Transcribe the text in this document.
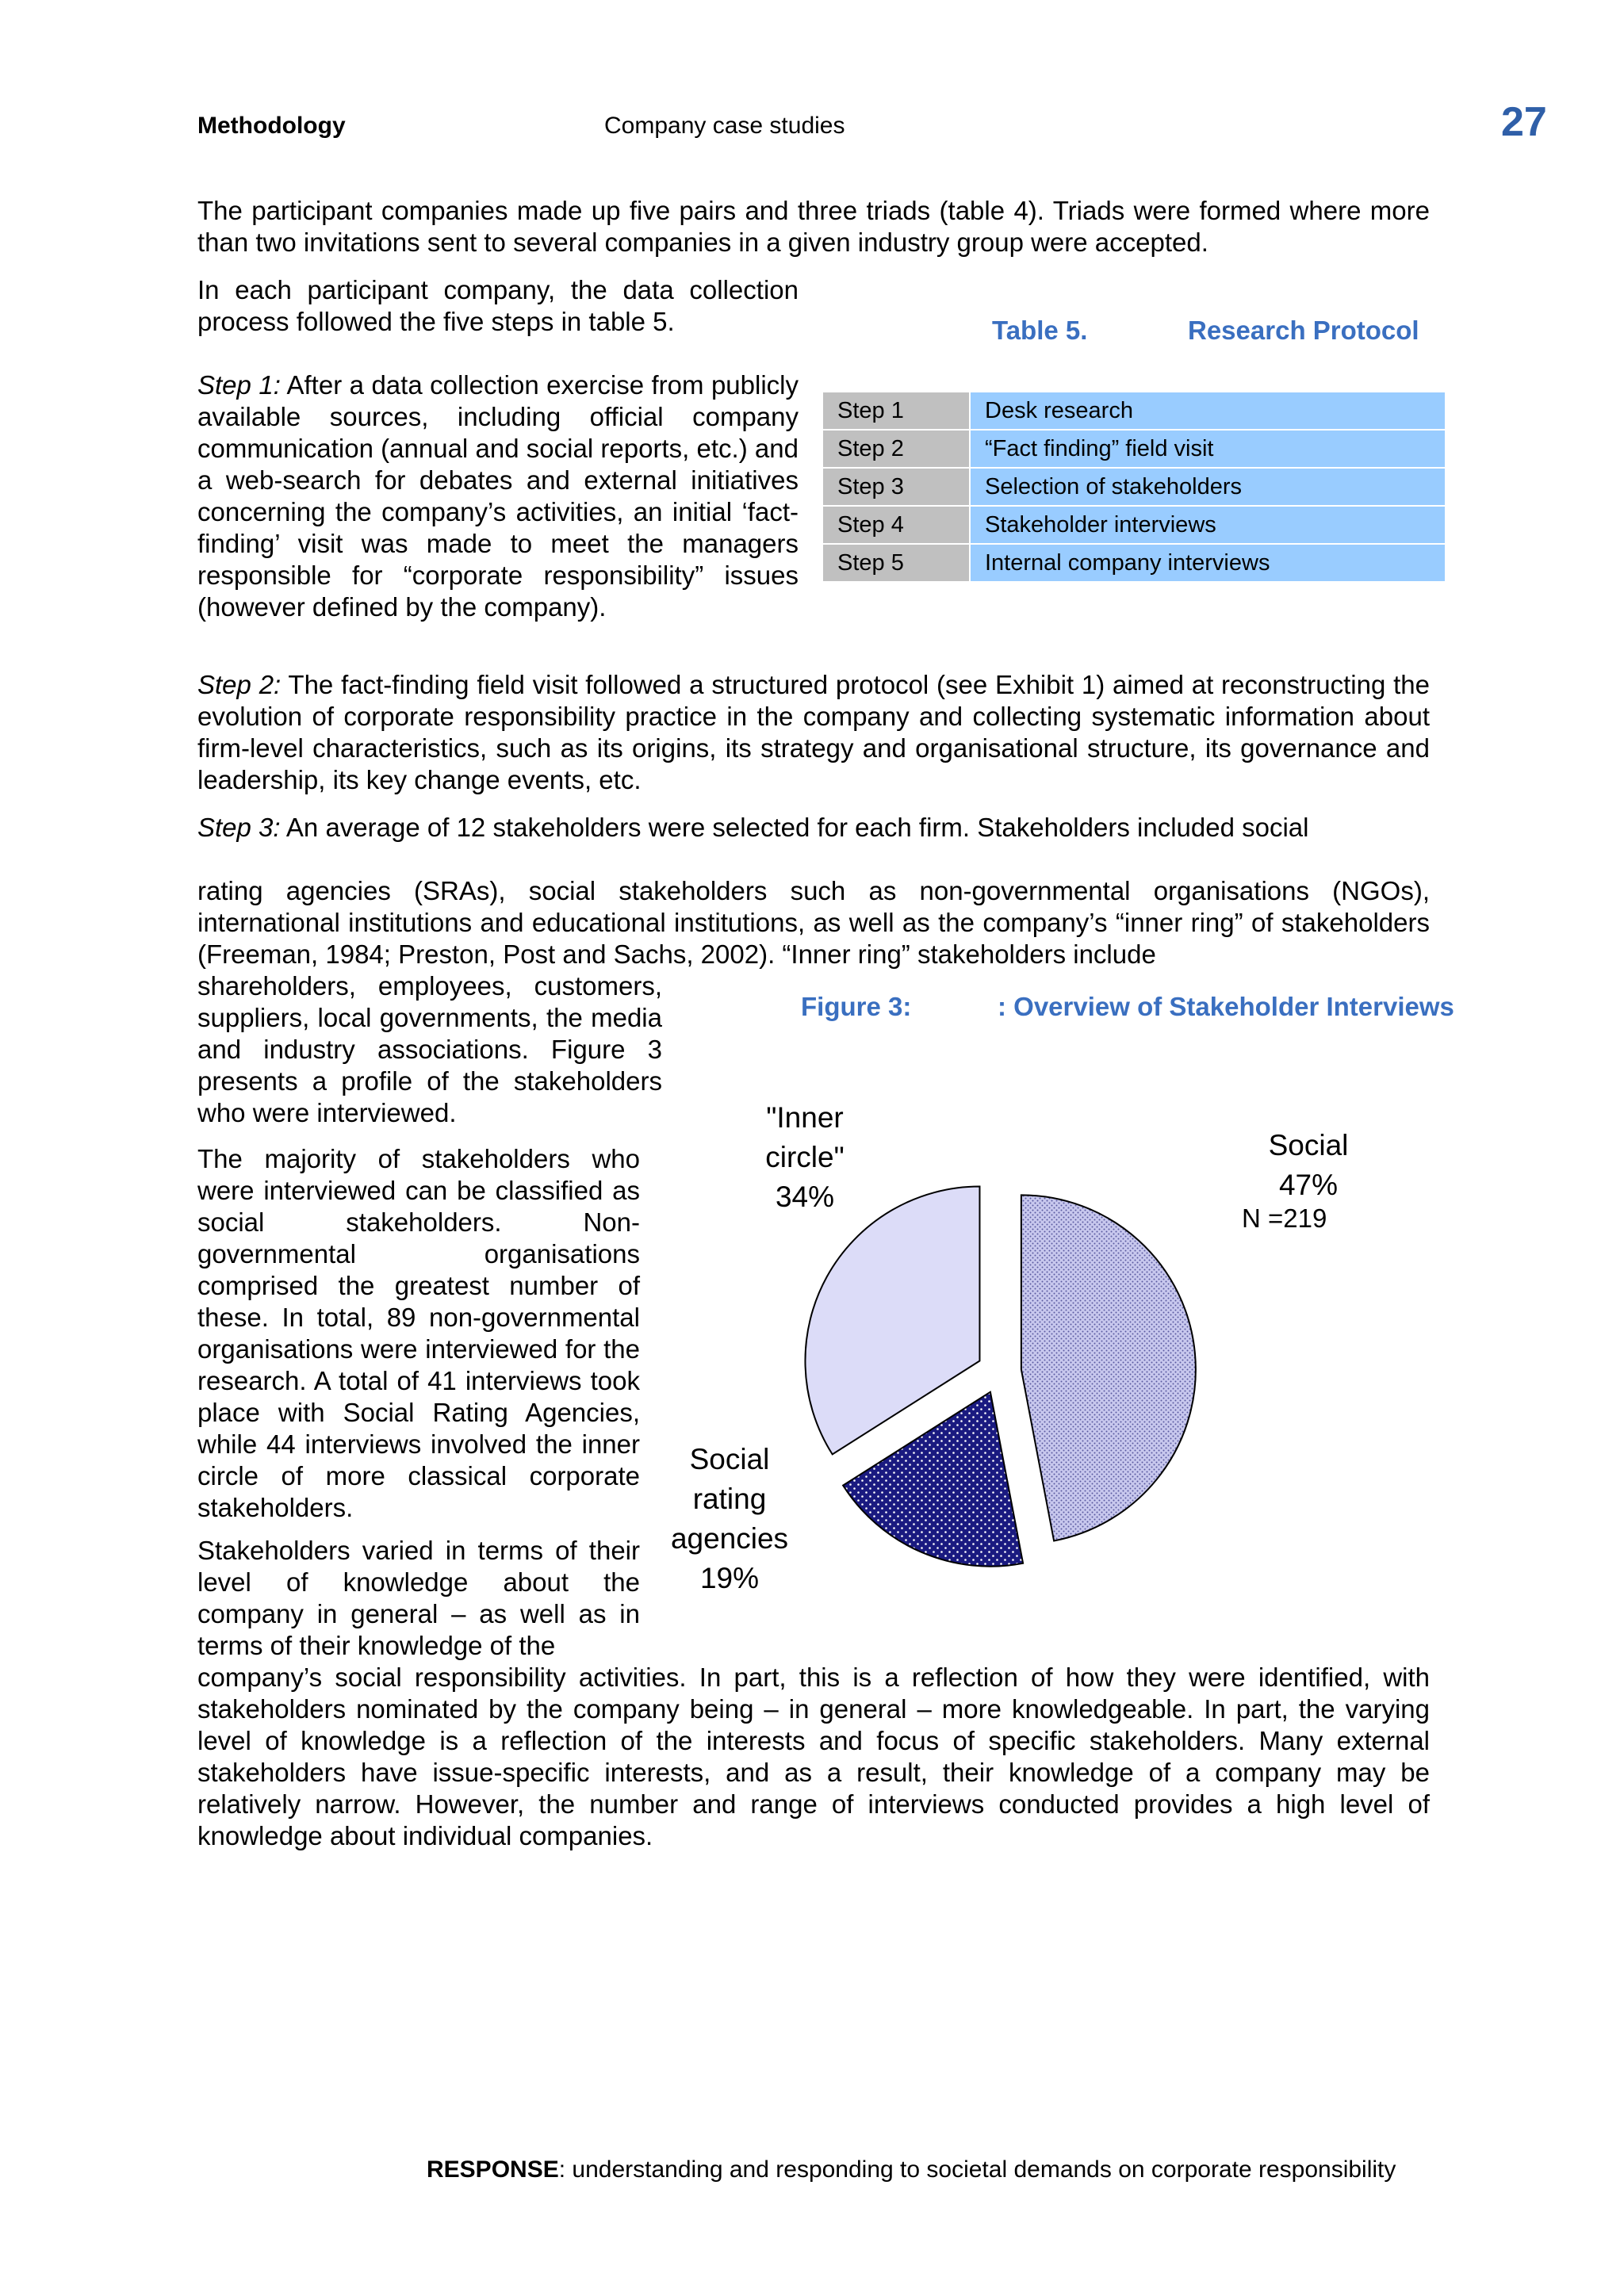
Methodology	Company case studies	27

The participant companies made up five pairs and three triads (table 4). Triads were formed where more than two invitations sent to several companies in a given industry group were accepted.

In each participant company, the data collection process followed the five steps in table 5.

Step 1: After a data collection exercise from publicly available sources, including official company communication (annual and social reports, etc.) and a web-search for debates and external initiatives concerning the company’s activities, an initial ‘fact-finding’ visit was made to meet the managers responsible for “corporate responsibility” issues (however defined by the company).

Table 5.	Research Protocol
Step 1	Desk research
Step 2	“Fact finding” field visit
Step 3	Selection of stakeholders
Step 4	Stakeholder interviews
Step 5	Internal company interviews

Step 2: The fact-finding field visit followed a structured protocol (see Exhibit 1) aimed at reconstructing the evolution of corporate responsibility practice in the company and collecting systematic information about firm-level characteristics, such as its origins, its strategy and organisational structure, its governance and leadership, its key change events, etc.

Step 3: An average of 12 stakeholders were selected for each firm. Stakeholders included social

rating agencies (SRAs), social stakeholders such as non-governmental organisations (NGOs), international institutions and educational institutions, as well as the company’s “inner ring” of stakeholders (Freeman, 1984; Preston, Post and Sachs, 2002). “Inner ring” stakeholders include

shareholders, employees, customers, suppliers, local governments, the media and industry associations. Figure 3 presents a profile of the stakeholders who were interviewed.

The majority of stakeholders who were interviewed can be classified as social stakeholders. Non-governmental organisations comprised the greatest number of these. In total, 89 non-governmental organisations were interviewed for the research. A total of 41 interviews took place with Social Rating Agencies, while 44 interviews involved the inner circle of more classical corporate stakeholders.

Stakeholders varied in terms of their level of knowledge about the company in general – as well as in terms of their knowledge of the

Figure 3:	: Overview of Stakeholder Interviews
"Inner
circle"
34%
Social
47%
N =219
Social
rating
agencies
19%

company’s social responsibility activities. In part, this is a reflection of how they were identified, with stakeholders nominated by the company being – in general – more knowledgeable. In part, the varying level of knowledge is a reflection of the interests and focus of specific stakeholders. Many external stakeholders have issue-specific interests, and as a result, their knowledge of a company may be relatively narrow. However, the number and range of interviews conducted provides a high level of knowledge about individual companies.

RESPONSE: understanding and responding to societal demands on corporate responsibility
